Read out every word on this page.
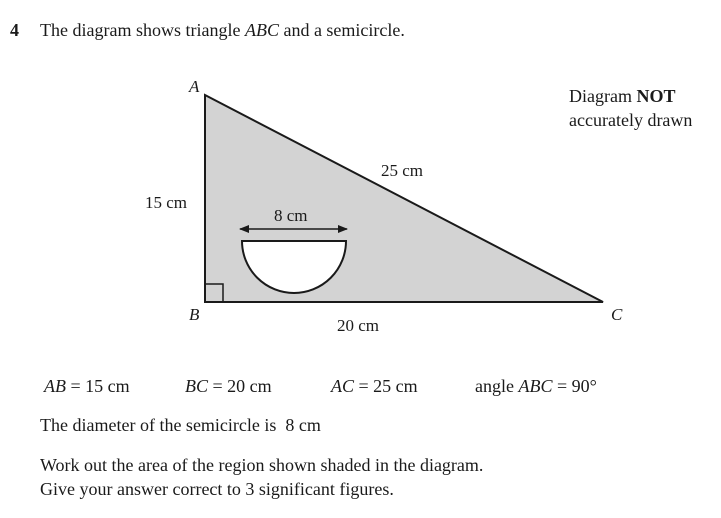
4 The diagram shows triangle ABC and a semicircle.
Diagram NOT
accurately drawn
A
B	C
15 cm
20 cm
25 cm
8 cm
AB = 15 cm	BC = 20 cm	AC = 25 cm	angle ABC = 90°
The diameter of the semicircle is  8 cm
Work out the area of the region shown shaded in the diagram.
Give your answer correct to 3 significant figures.
